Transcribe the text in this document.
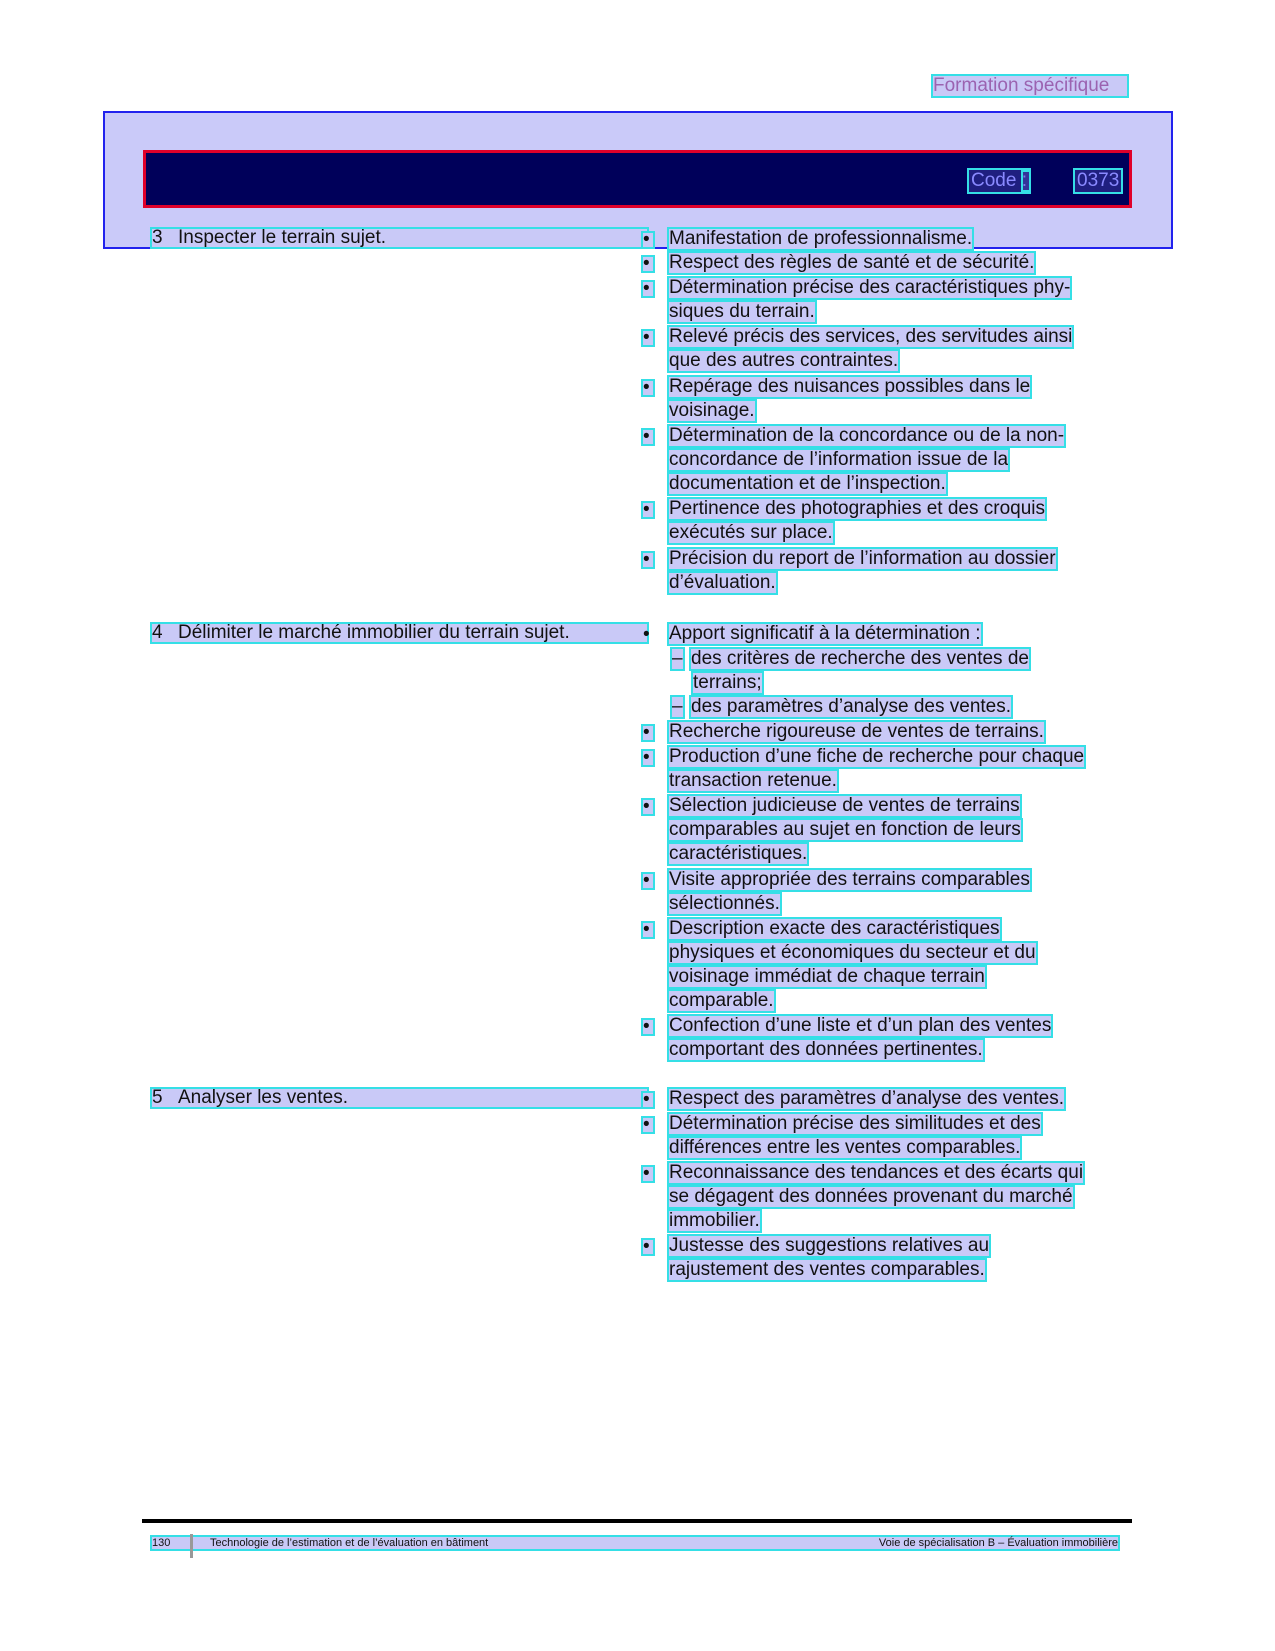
Formation spécifique
Code :	0373
3 Inspecter le terrain sujet. •	Manifestation de professionnalisme.
•
Respect des règles de santé et de sécurité.
•
Détermination précise des caractéristiques phy-
siques du terrain.
•
Relevé précis des services, des servitudes ainsi
que des autres contraintes.
•
Repérage des nuisances possibles dans le
voisinage.
•
Détermination de la concordance ou de la non-
concordance de l’information issue de la
documentation et de l’inspection.
•
Pertinence des photographies et des croquis
exécutés sur place.
•
Précision du report de l’information au dossier
d’évaluation.
4 Délimiter le marché immobilier du terrain sujet. •	Apport significatif à la détermination :
– des critères de recherche des ventes de
terrains;
– des paramètres d’analyse des ventes.
•
Recherche rigoureuse de ventes de terrains.
•
Production d’une fiche de recherche pour chaque
transaction retenue.
•
Sélection judicieuse de ventes de terrains
comparables au sujet en fonction de leurs
caractéristiques.
•
Visite appropriée des terrains comparables
sélectionnés.
•
Description exacte des caractéristiques
physiques et économiques du secteur et du
voisinage immédiat de chaque terrain
comparable.
•
Confection d’une liste et d’un plan des ventes
comportant des données pertinentes.
5 Analyser les ventes. •	Respect des paramètres d’analyse des ventes.
•
Détermination précise des similitudes et des
différences entre les ventes comparables.
•
Reconnaissance des tendances et des écarts qui
se dégagent des données provenant du marché
immobilier.
•
Justesse des suggestions relatives au
rajustement des ventes comparables.
130	Technologie de l’estimation et de l’évaluation en bâtiment	Voie de spécialisation B – Évaluation immobilière
